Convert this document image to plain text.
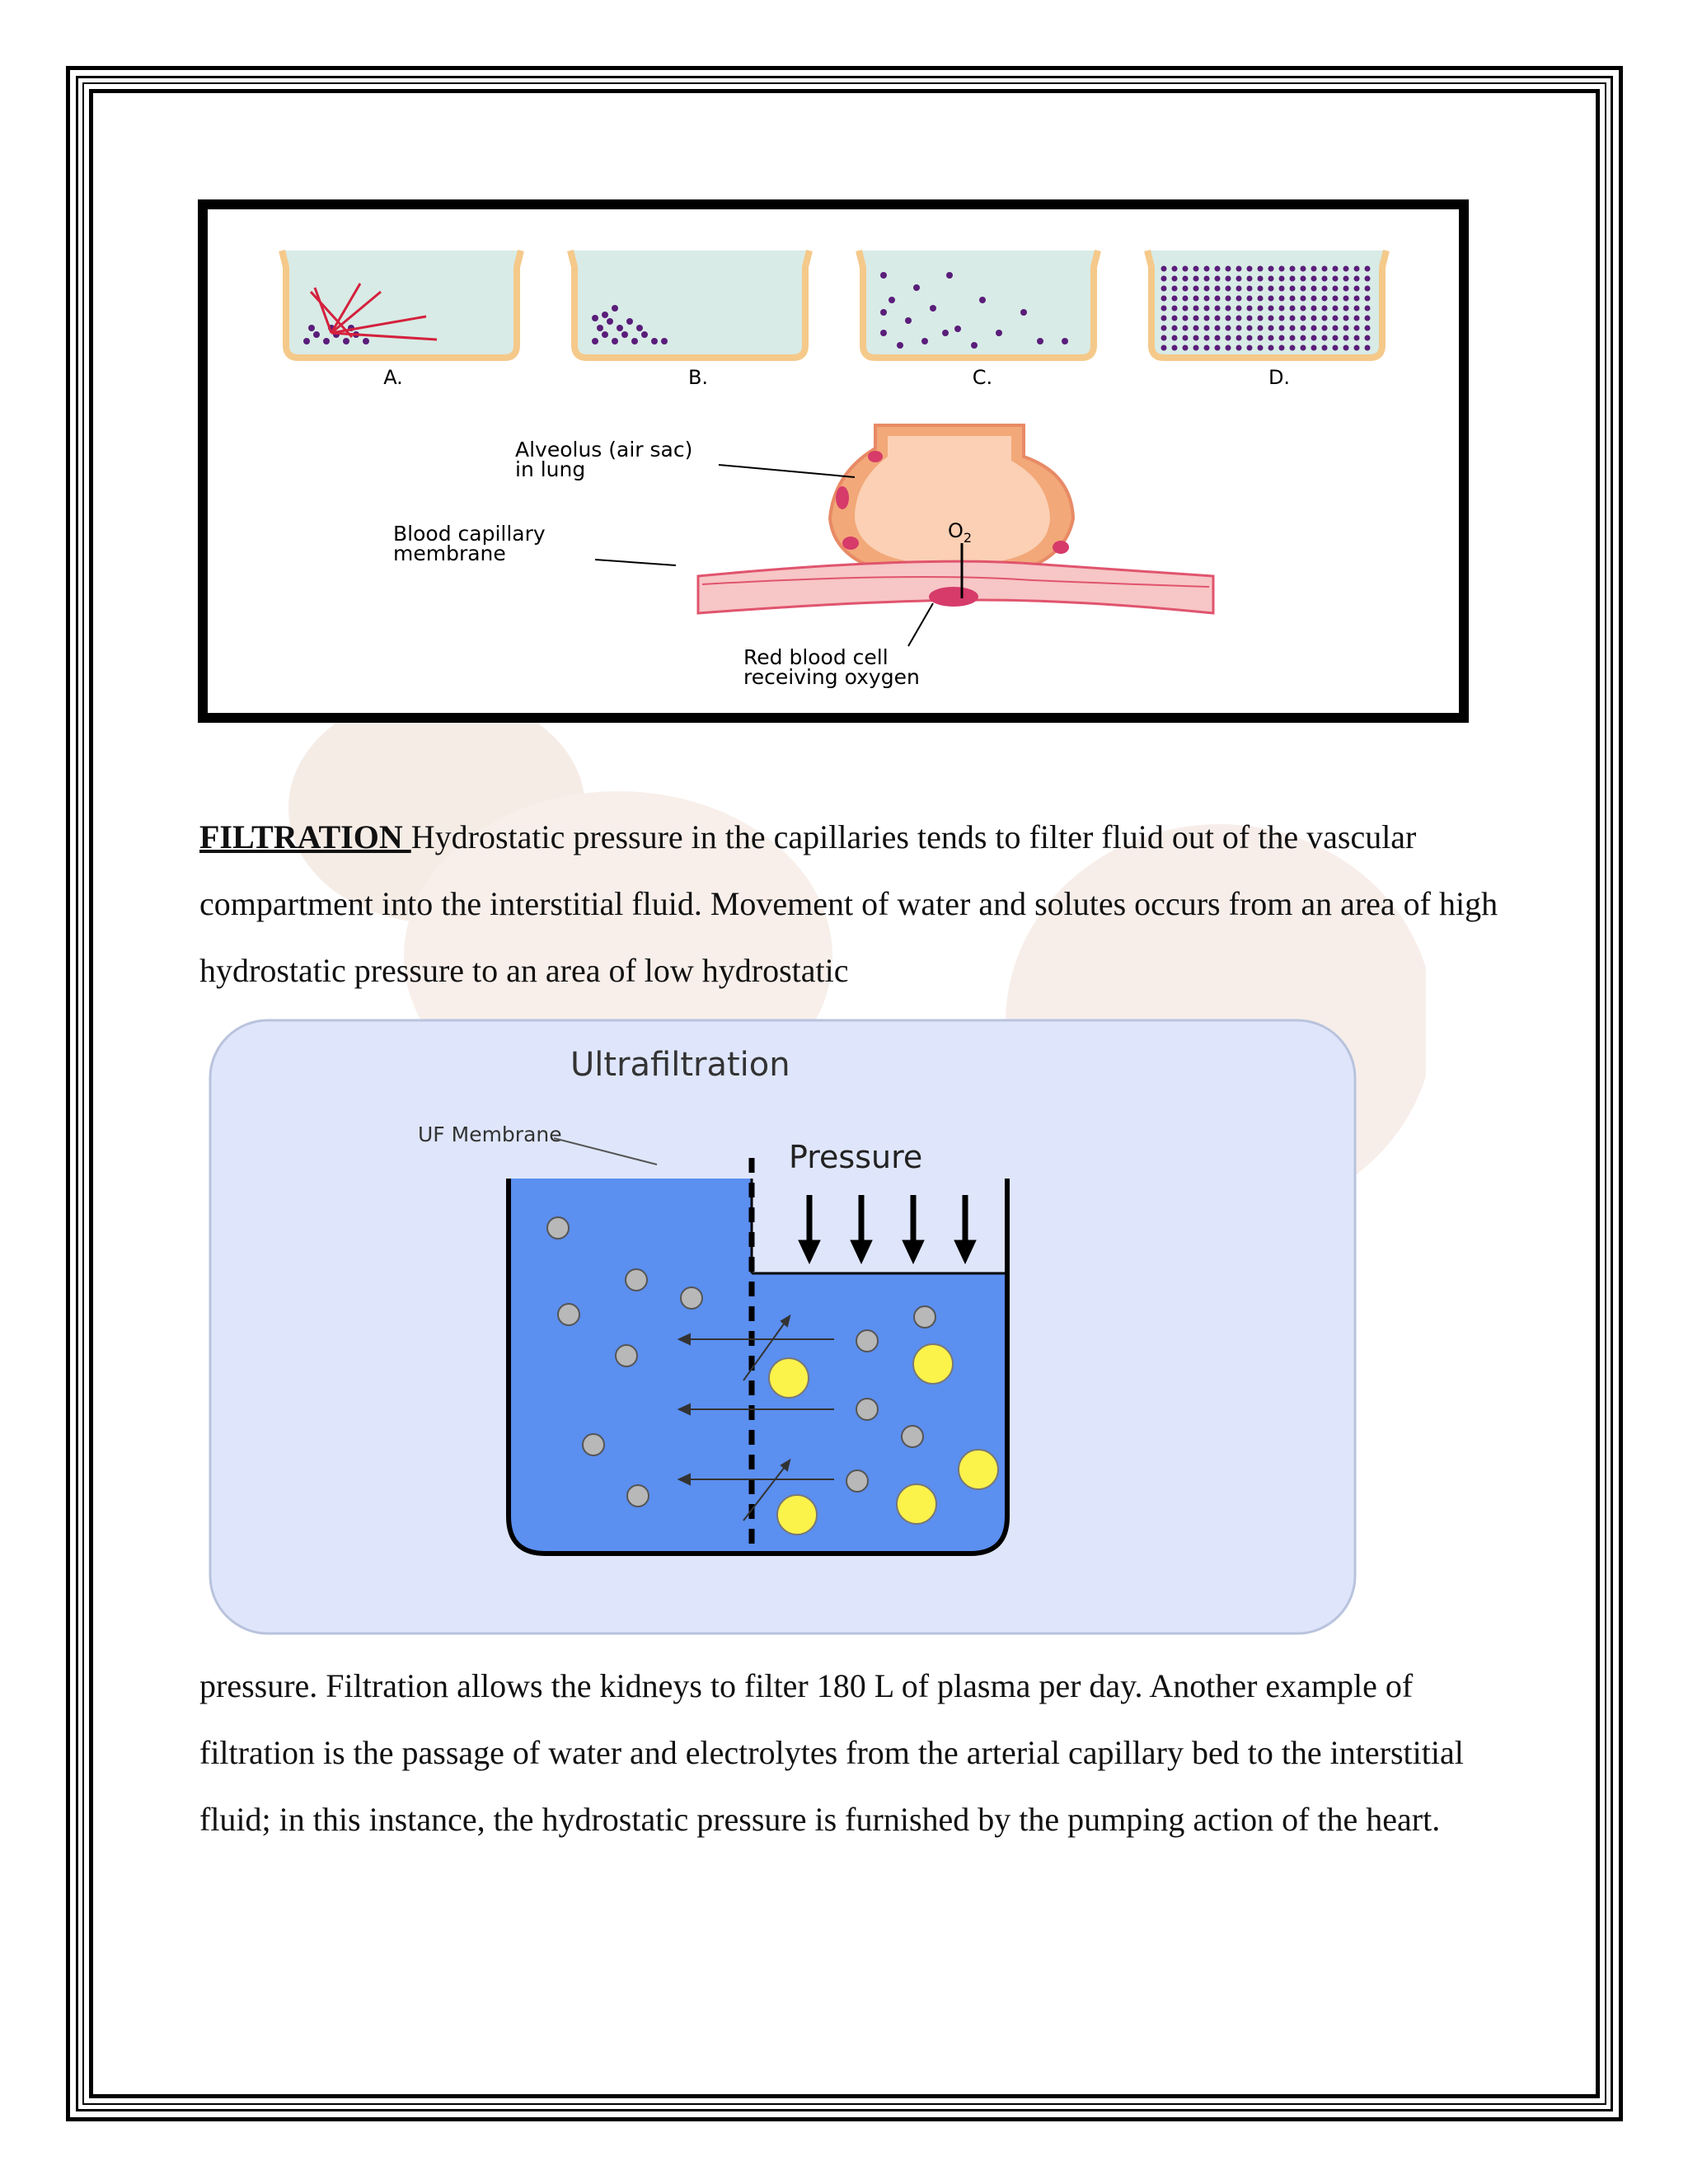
A.	B.	C.	D.
$O_2$
Alveolus (air sac)
in lung
Blood capillary
membrane
Red blood cell
receiving oxygen
FILTRATION Hydrostatic pressure in the capillaries tends to filter fluid out of the vascular compartment into the interstitial fluid. Movement of water and solutes occurs from an area of high hydrostatic pressure to an area of low hydrostatic
Ultrafiltration
UF Membrane
Pressure
pressure. Filtration allows the kidneys to filter 180 L of plasma per day. Another example of filtration is the passage of water and electrolytes from the arterial capillary bed to the interstitial fluid; in this instance, the hydrostatic pressure is furnished by the pumping action of the heart.
